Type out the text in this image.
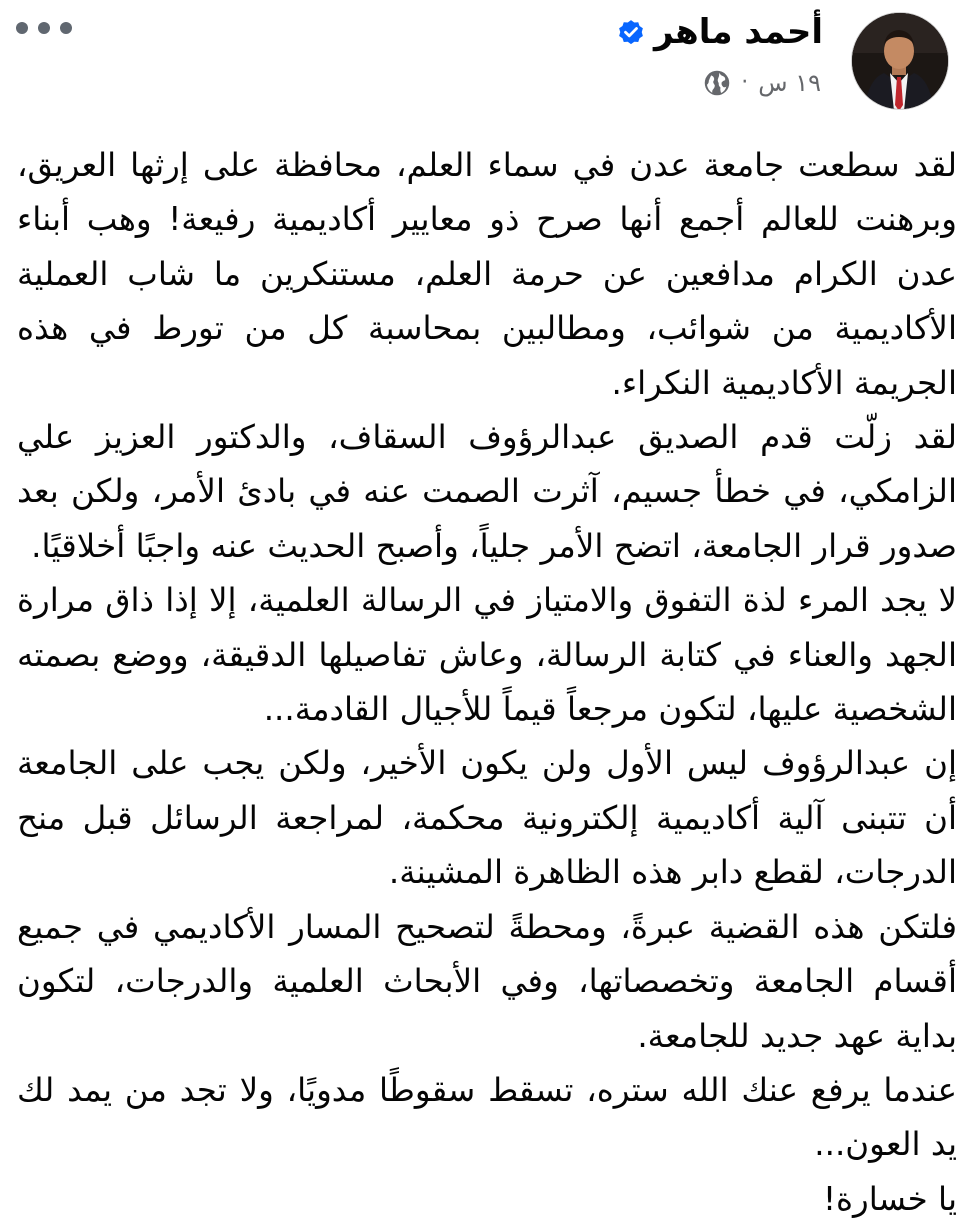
أحمد ماهر
١٩ س
·

لقد سطعت جامعة عدن في سماء العلم، محافظة على إرثها العريق، وبرهنت للعالم أجمع أنها صرح ذو معايير أكاديمية رفيعة! وهب أبناء عدن الكرام مدافعين عن حرمة العلم، مستنكرين ما شاب العملية الأكاديمية من شوائب، ومطالبين بمحاسبة كل من تورط في هذه الجريمة الأكاديمية النكراء.

لقد زلّت قدم الصديق عبدالرؤوف السقاف، والدكتور العزيز علي الزامكي، في خطأ جسيم، آثرت الصمت عنه في بادئ الأمر، ولكن بعد صدور قرار الجامعة، اتضح الأمر جلياً، وأصبح الحديث عنه واجبًا أخلاقيًا.

لا يجد المرء لذة التفوق والامتياز في الرسالة العلمية، إلا إذا ذاق مرارة الجهد والعناء في كتابة الرسالة، وعاش تفاصيلها الدقيقة، ووضع بصمته الشخصية عليها، لتكون مرجعاً قيماً للأجيال القادمة...

إن عبدالرؤوف ليس الأول ولن يكون الأخير، ولكن يجب على الجامعة أن تتبنى آلية أكاديمية إلكترونية محكمة، لمراجعة الرسائل قبل منح الدرجات، لقطع دابر هذه الظاهرة المشينة.

فلتكن هذه القضية عبرةً، ومحطةً لتصحيح المسار الأكاديمي في جميع أقسام الجامعة وتخصصاتها، وفي الأبحاث العلمية والدرجات، لتكون بداية عهد جديد للجامعة.

عندما يرفع عنك الله ستره، تسقط سقوطًا مدويًا، ولا تجد من يمد لك يد العون...

يا خسارة!
